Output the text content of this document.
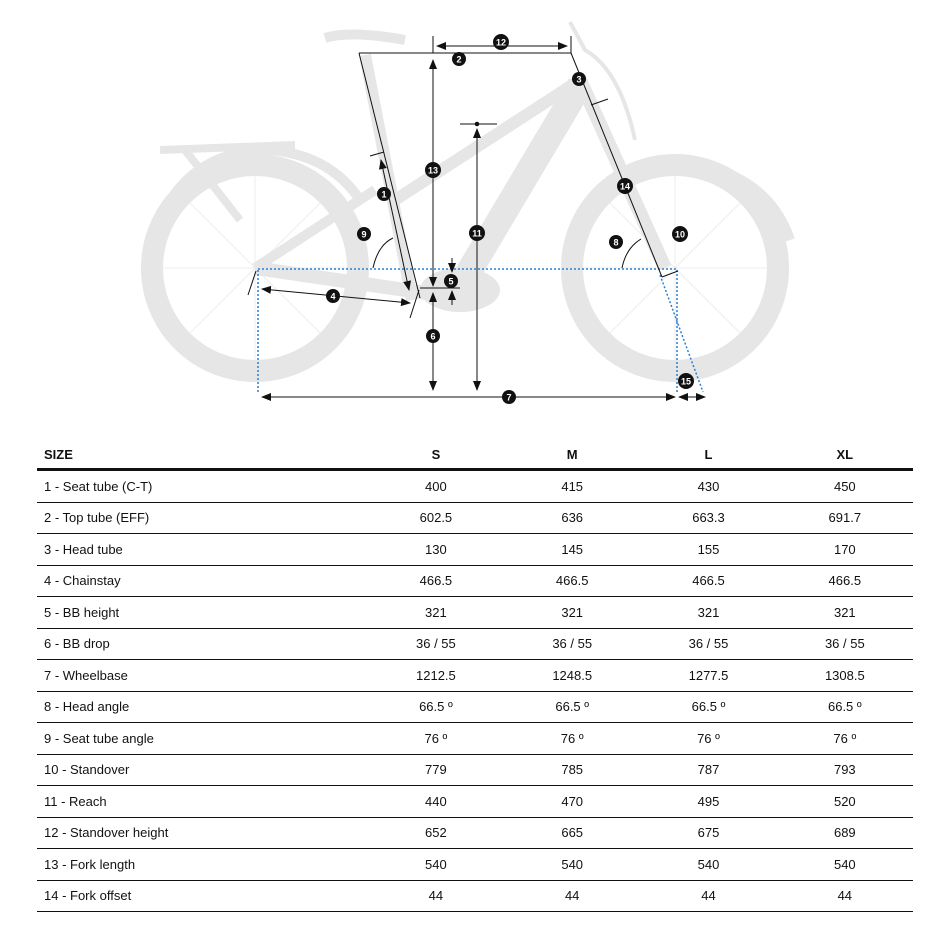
1
2
3
4
5
6
7
8
9	10
11
12
13
14
15
SIZE	S	M	L	XL
1 - Seat tube (C-T)	400	415	430	450
2 - Top tube (EFF)	602.5	636	663.3	691.7
3 - Head tube	130	145	155	170
4 - Chainstay	466.5	466.5	466.5	466.5
5 - BB height	321	321	321	321
6 - BB drop	36 / 55	36 / 55	36 / 55	36 / 55
7 - Wheelbase	1212.5	1248.5	1277.5	1308.5
8 - Head angle	66.5 º	66.5 º	66.5 º	66.5 º
9 - Seat tube angle	76 º	76 º	76 º	76 º
10 - Standover	779	785	787	793
11 - Reach	440	470	495	520
12 - Standover height	652	665	675	689
13 - Fork length	540	540	540	540
14 - Fork offset	44	44	44	44
